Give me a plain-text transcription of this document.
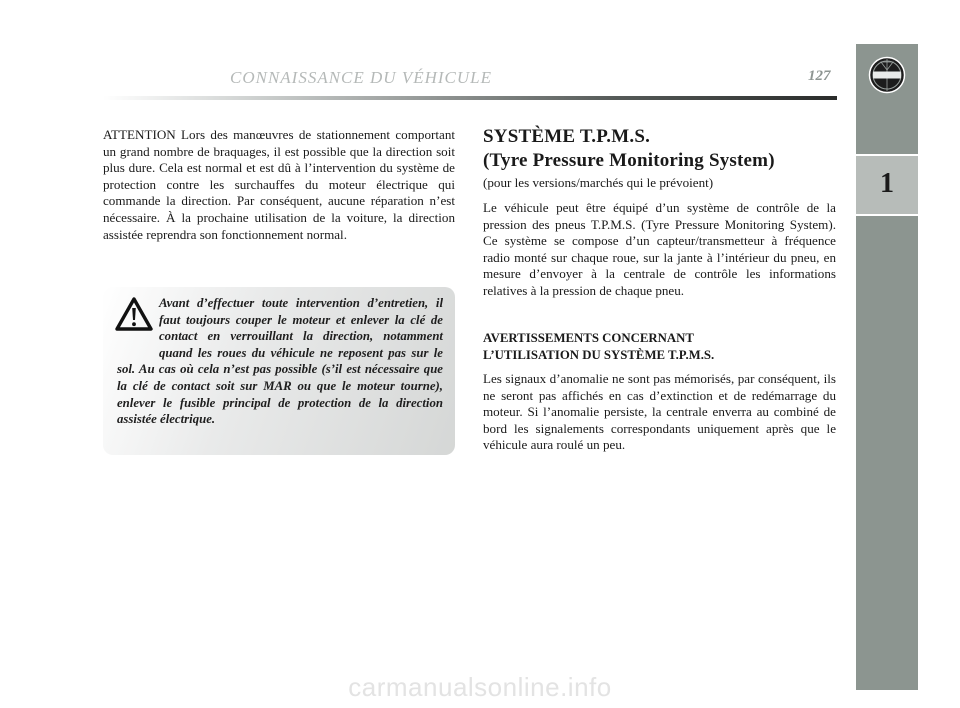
CONNAISSANCE DU VÉHICULE	127
1

ATTENTION Lors des manœuvres de stationnement comportant un grand nombre de braquages, il est possible que la direction soit plus dure. Cela est normal et est dû à l’intervention du système de protection contre les surchauffes du moteur électrique qui commande la direction. Par conséquent, aucune réparation n’est nécessaire. À la prochaine utilisation de la voiture, la direction assistée reprendra son fonctionnement normal.

Avant d’effectuer toute intervention d’entretien, il faut toujours couper le moteur et enlever la clé de contact en verrouillant la direction, notamment quand les roues du véhicule ne reposent pas sur le sol. Au cas où cela n’est pas possible (s’il est nécessaire que la clé de contact soit sur MAR ou que le moteur tourne), enlever le fusible principal de protection de la direction assistée électrique.

SYSTÈME T.P.M.S.
(Tyre Pressure Monitoring System)

(pour les versions/marchés qui le prévoient)

Le véhicule peut être équipé d’un système de contrôle de la pression des pneus T.P.M.S. (Tyre Pressure Monitoring System). Ce système se compose d’un capteur/transmetteur à fréquence radio monté sur chaque roue, sur la jante à l’intérieur du pneu, en mesure d’envoyer à la centrale de contrôle les informations relatives à la pression de chaque pneu.

AVERTISSEMENTS CONCERNANT
L’UTILISATION DU SYSTÈME T.P.M.S.

Les signaux d’anomalie ne sont pas mémorisés, par conséquent, ils ne seront pas affichés en cas d’extinction et de redémarrage du moteur. Si l’anomalie persiste, la centrale enverra au combiné de bord les signalements correspondants uniquement après que le véhicule aura roulé un peu.

carmanualsonline.info
